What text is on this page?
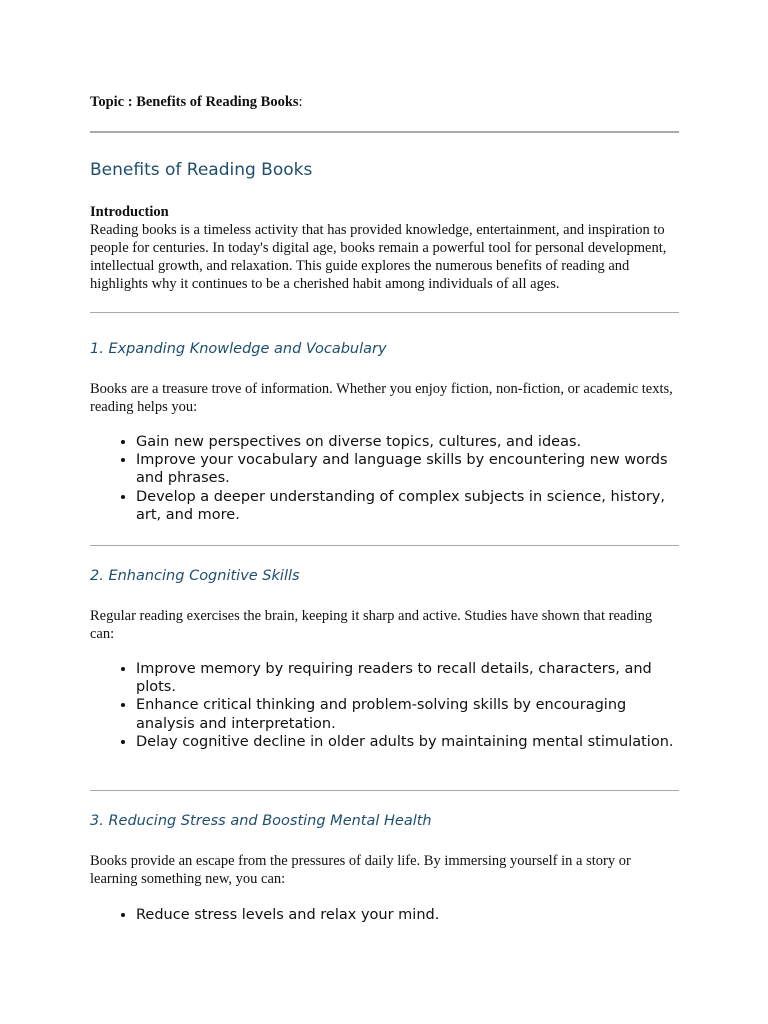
Topic : Benefits of Reading Books:
Benefits of Reading Books

Introduction

Reading books is a timeless activity that has provided knowledge, entertainment, and inspiration to people for centuries. In today's digital age, books remain a powerful tool for personal development, intellectual growth, and relaxation. This guide explores the numerous benefits of reading and highlights why it continues to be a cherished habit among individuals of all ages.

1. Expanding Knowledge and Vocabulary

Books are a treasure trove of information. Whether you enjoy fiction, non-fiction, or academic texts, reading helps you:

• Gain new perspectives on diverse topics, cultures, and ideas.
• Improve your vocabulary and language skills by encountering new words and phrases.
• Develop a deeper understanding of complex subjects in science, history, art, and more.
2. Enhancing Cognitive Skills

Regular reading exercises the brain, keeping it sharp and active. Studies have shown that reading can:

• Improve memory by requiring readers to recall details, characters, and plots.
• Enhance critical thinking and problem-solving skills by encouraging analysis and interpretation.
• Delay cognitive decline in older adults by maintaining mental stimulation.
3. Reducing Stress and Boosting Mental Health

Books provide an escape from the pressures of daily life. By immersing yourself in a story or learning something new, you can:

• Reduce stress levels and relax your mind.
